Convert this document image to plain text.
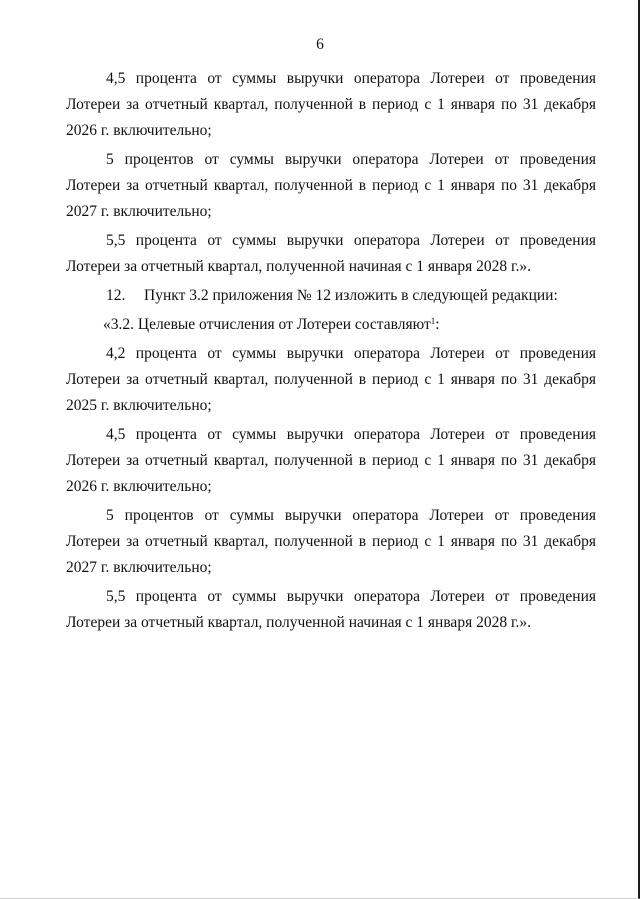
6

4,5 процента от суммы выручки оператора Лотереи от проведения Лотереи за отчетный квартал, полученной в период с 1 января по 31 декабря 2026 г. включительно;

5 процентов от суммы выручки оператора Лотереи от проведения Лотереи за отчетный квартал, полученной в период с 1 января по 31 декабря 2027 г. включительно;

5,5 процента от суммы выручки оператора Лотереи от проведения Лотереи за отчетный квартал, полученной начиная с 1 января 2028 г.».

12. Пункт 3.2 приложения № 12 изложить в следующей редакции:

«3.2. Целевые отчисления от Лотереи составляют$^1$:

4,2 процента от суммы выручки оператора Лотереи от проведения Лотереи за отчетный квартал, полученной в период с 1 января по 31 декабря 2025 г. включительно;

4,5 процента от суммы выручки оператора Лотереи от проведения Лотереи за отчетный квартал, полученной в период с 1 января по 31 декабря 2026 г. включительно;

5 процентов от суммы выручки оператора Лотереи от проведения Лотереи за отчетный квартал, полученной в период с 1 января по 31 декабря 2027 г. включительно;

5,5 процента от суммы выручки оператора Лотереи от проведения Лотереи за отчетный квартал, полученной начиная с 1 января 2028 г.».
